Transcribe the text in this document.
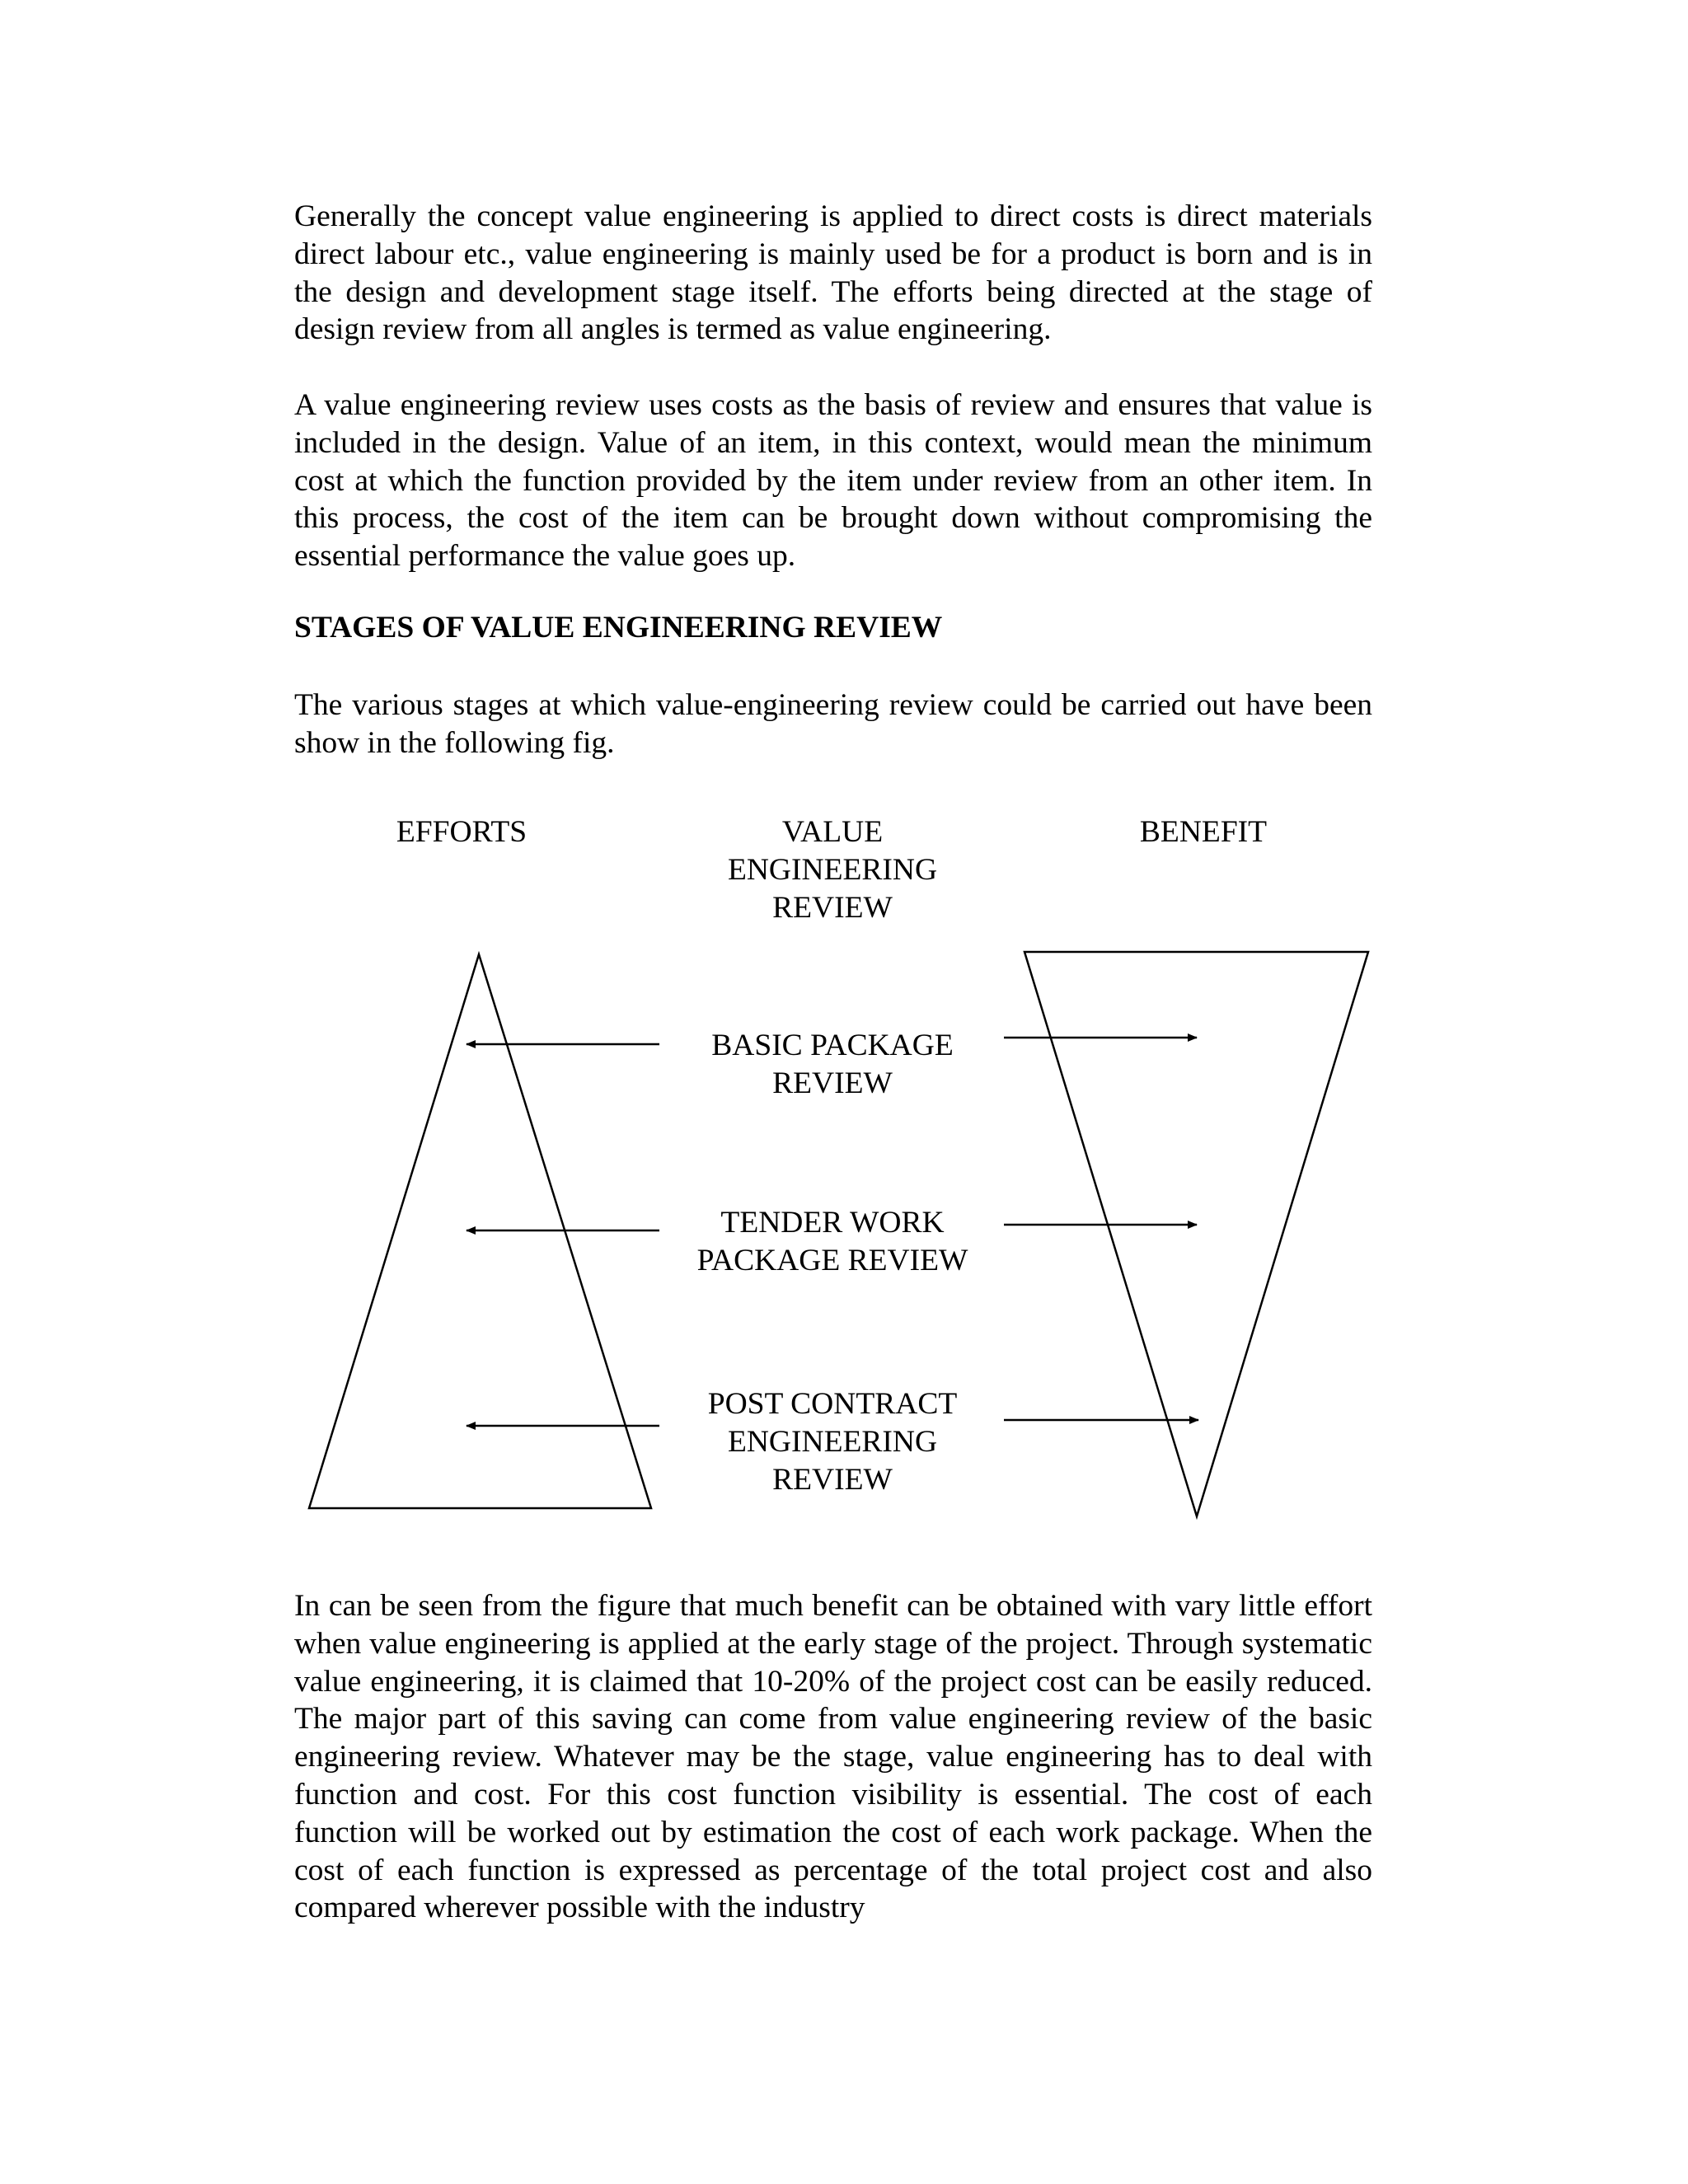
Generally the concept value engineering is applied to direct costs is direct materials direct labour etc., value engineering is mainly used be for a product is born and is in the design and development stage itself. The efforts being directed at the stage of design review from all angles is termed as value engineering.
A value engineering review uses costs as the basis of review and ensures that value is included in the design. Value of an item, in this context, would mean the minimum cost at which the function provided by the item under review from an other item. In this process, the cost of the item can be brought down without compromising the essential performance the value goes up.
STAGES OF VALUE ENGINEERING REVIEW
The various stages at which value-engineering review could be carried out have been show in the following fig.
EFFORTS	VALUE
ENGINEERING
REVIEW
BENEFIT
BASIC PACKAGE
REVIEW
TENDER WORK
PACKAGE REVIEW
POST CONTRACT
ENGINEERING
REVIEW
In can be seen from the figure that much benefit can be obtained with vary little effort when value engineering is applied at the early stage of the project. Through systematic value engineering, it is claimed that 10-20% of the project cost can be easily reduced. The major part of this saving can come from value engineering review of the basic engineering review. Whatever may be the stage, value engineering has to deal with function and cost. For this cost function visibility is essential. The cost of each function will be worked out by estimation the cost of each work package. When the cost of each function is expressed as percentage of the total project cost and also compared wherever possible with the industry
